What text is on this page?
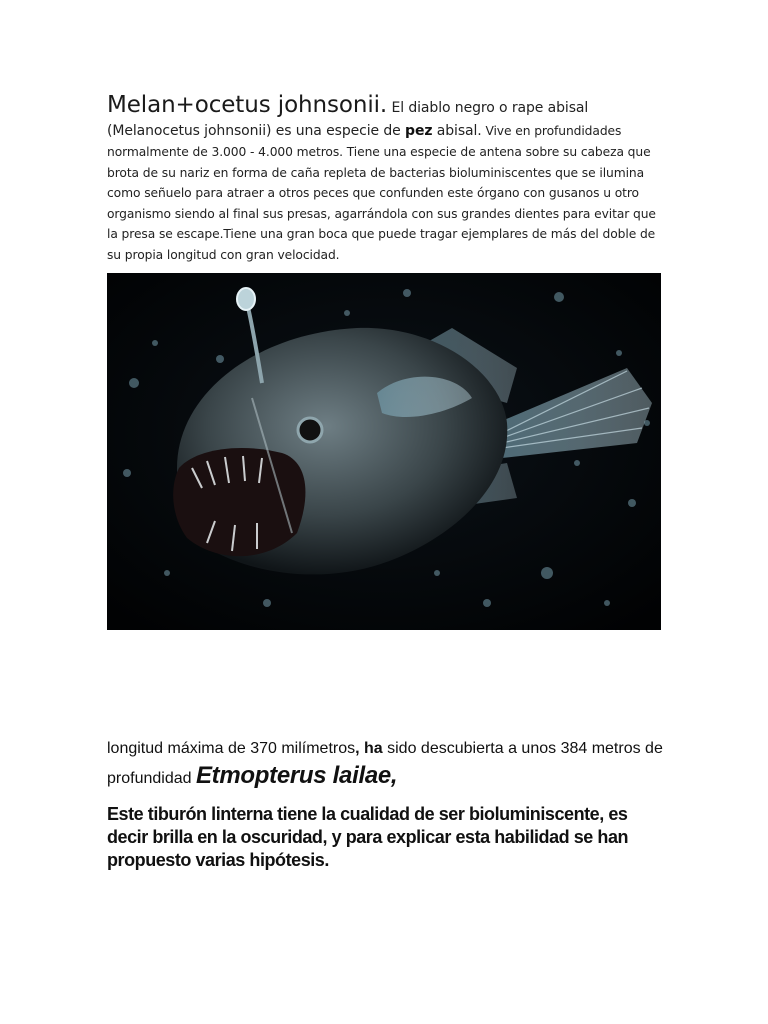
Melan+ocetus johnsonii. El diablo negro o rape abisal (Melanocetus johnsonii) es una especie de pez abisal. Vive en profundidades normalmente de 3.000 - 4.000 metros. Tiene una especie de antena sobre su cabeza que brota de su nariz en forma de caña repleta de bacterias bioluminiscentes que se ilumina como señuelo para atraer a otros peces que confunden este órgano con gusanos u otro organismo siendo al final sus presas, agarrándola con sus grandes dientes para evitar que la presa se escape.Tiene una gran boca que puede tragar ejemplares de más del doble de su propia longitud con gran velocidad.
longitud máxima de 370 milímetros, ha sido descubierta a unos 384 metros de profundidad Etmopterus lailae,
Este tiburón linterna tiene la cualidad de ser bioluminiscente, es decir brilla en la oscuridad, y para explicar esta habilidad se han propuesto varias hipótesis.
